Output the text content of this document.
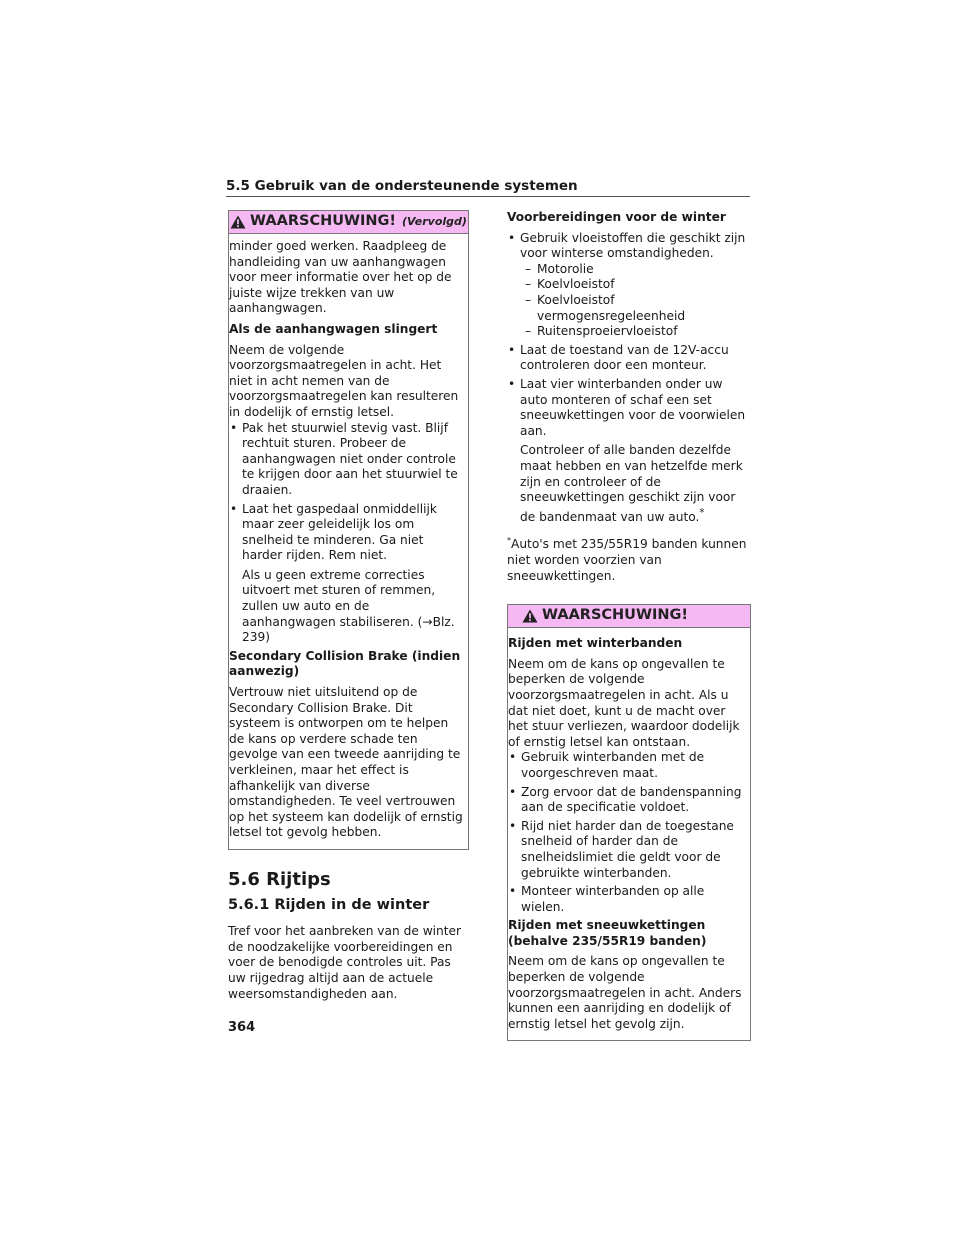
5.5 Gebruik van de ondersteunende systemen
WAARSCHUWING! (Vervolgd)

minder goed werken. Raadpleeg de handleiding van uw aanhangwagen voor meer informatie over het op de juiste wijze trekken van uw aanhangwagen.

Als de aanhangwagen slingert

Neem de volgende voorzorgsmaatregelen in acht. Het niet in acht nemen van de voorzorgsmaatregelen kan resulteren in dodelijk of ernstig letsel.

• Pak het stuurwiel stevig vast. Blijf rechtuit sturen. Probeer de aanhangwagen niet onder controle te krijgen door aan het stuurwiel te draaien.
• Laat het gaspedaal onmiddellijk maar zeer geleidelijk los om snelheid te minderen. Ga niet harder rijden. Rem niet.
Als u geen extreme correcties uitvoert met sturen of remmen, zullen uw auto en de aanhangwagen stabiliseren. (→Blz. 239)

Secondary Collision Brake (indien aanwezig)

Vertrouw niet uitsluitend op de Secondary Collision Brake. Dit systeem is ontworpen om te helpen de kans op verdere schade ten gevolge van een tweede aanrijding te verkleinen, maar het effect is afhankelijk van diverse omstandigheden. Te veel vertrouwen op het systeem kan dodelijk of ernstig letsel tot gevolg hebben.

5.6 Rijtips
5.6.1 Rijden in de winter

Tref voor het aanbreken van de winter de noodzakelijke voorbereidingen en voer de benodigde controles uit. Pas uw rijgedrag altijd aan de actuele weersomstandigheden aan.

Voorbereidingen voor de winter

• Gebruik vloeistoffen die geschikt zijn voor winterse omstandigheden.
– Motorolie
– Koelvloeistof
– Koelvloeistof vermogensregeleenheid
– Ruitensproeiervloeistof
• Laat de toestand van de 12V-accu controleren door een monteur.
• Laat vier winterbanden onder uw auto monteren of schaf een set sneeuwkettingen voor de voorwielen aan.
Controleer of alle banden dezelfde maat hebben en van hetzelfde merk zijn en controleer of de sneeuwkettingen geschikt zijn voor de bandenmaat van uw auto.*

*Auto's met 235/55R19 banden kunnen niet worden voorzien van sneeuwkettingen.

WAARSCHUWING!

Rijden met winterbanden

Neem om de kans op ongevallen te beperken de volgende voorzorgsmaatregelen in acht. Als u dat niet doet, kunt u de macht over het stuur verliezen, waardoor dodelijk of ernstig letsel kan ontstaan.

• Gebruik winterbanden met de voorgeschreven maat.
• Zorg ervoor dat de bandenspanning aan de specificatie voldoet.
• Rijd niet harder dan de toegestane snelheid of harder dan de snelheidslimiet die geldt voor de gebruikte winterbanden.
• Monteer winterbanden op alle wielen.

Rijden met sneeuwkettingen (behalve 235/55R19 banden)

Neem om de kans op ongevallen te beperken de volgende voorzorgsmaatregelen in acht. Anders kunnen een aanrijding en dodelijk of ernstig letsel het gevolg zijn.

364
